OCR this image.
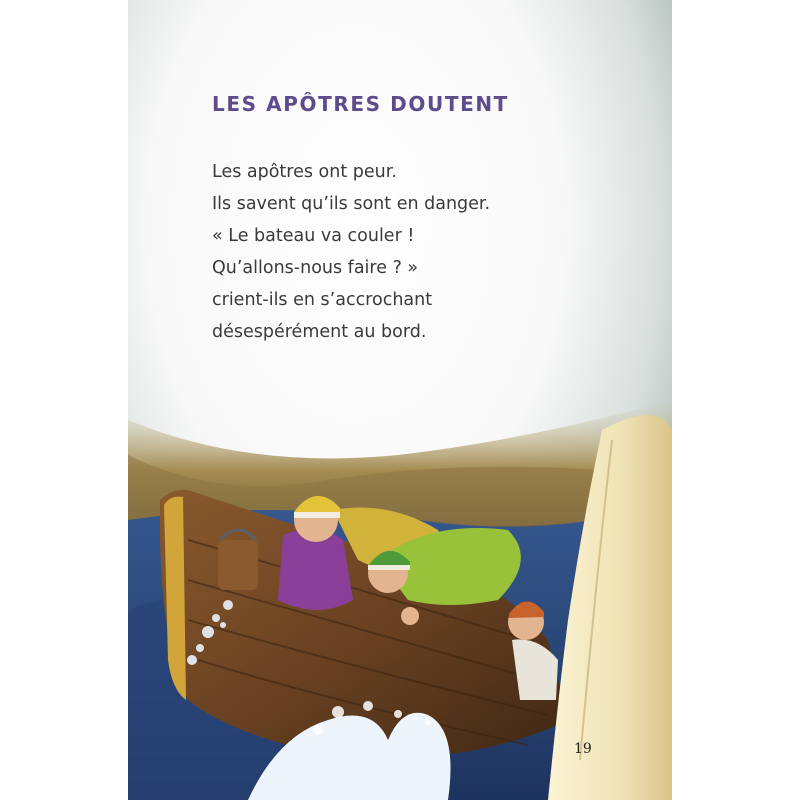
LES APÔTRES DOUTENT
Les apôtres ont peur.
Ils savent qu’ils sont en danger.
« Le bateau va couler !
Qu’allons-nous faire ? »
crient-ils en s’accrochant
désespérément au bord.
19
